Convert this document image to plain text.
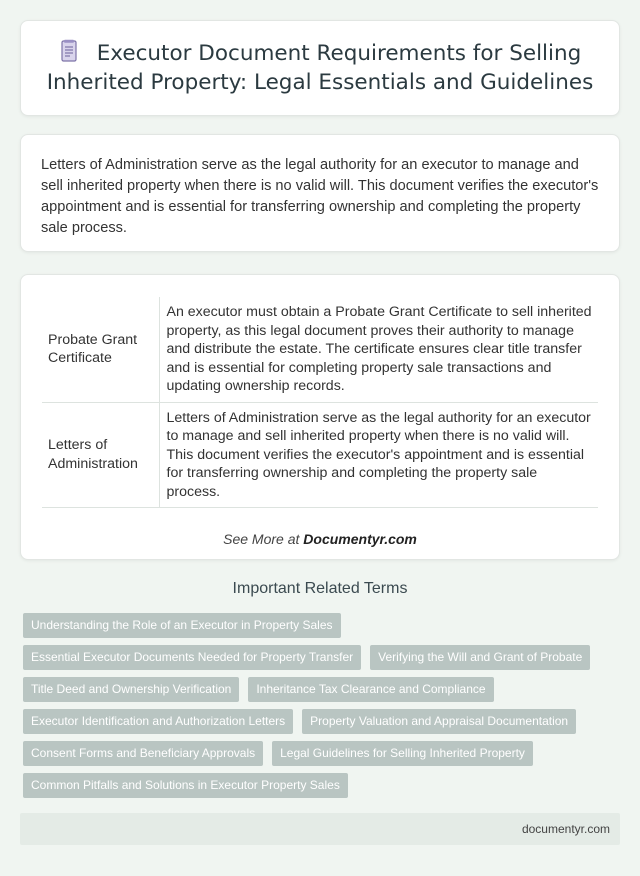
Executor Document Requirements for Selling Inherited Property: Legal Essentials and Guidelines

Letters of Administration serve as the legal authority for an executor to manage and sell inherited property when there is no valid will. This document verifies the executor's appointment and is essential for transferring ownership and completing the property sale process.

Probate Grant Certificate	An executor must obtain a Probate Grant Certificate to sell inherited property, as this legal document proves their authority to manage and distribute the estate. The certificate ensures clear title transfer and is essential for completing property sale transactions and updating ownership records.
Letters of Administration	Letters of Administration serve as the legal authority for an executor to manage and sell inherited property when there is no valid will. This document verifies the executor's appointment and is essential for transferring ownership and completing the property sale process.
See More at Documentyr.com
Important Related Terms
Understanding the Role of an Executor in Property Sales
Essential Executor Documents Needed for Property Transfer	Verifying the Will and Grant of Probate
Title Deed and Ownership Verification	Inheritance Tax Clearance and Compliance
Executor Identification and Authorization Letters	Property Valuation and Appraisal Documentation
Consent Forms and Beneficiary Approvals	Legal Guidelines for Selling Inherited Property
Common Pitfalls and Solutions in Executor Property Sales
documentyr.com
